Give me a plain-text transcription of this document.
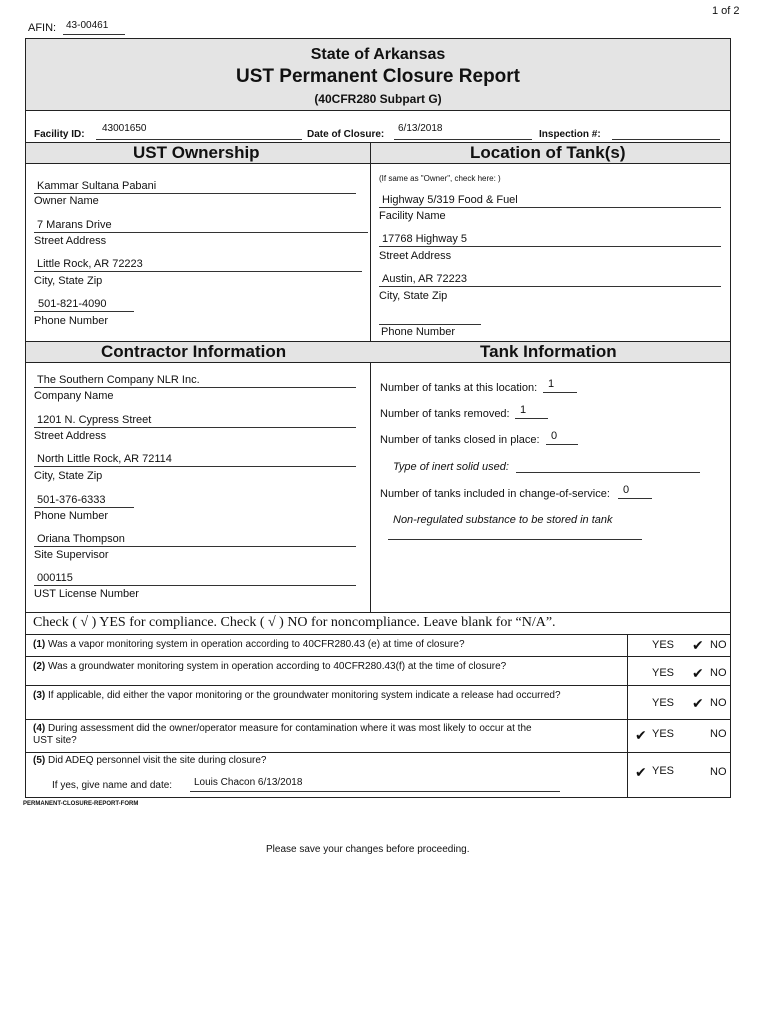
1 of 2
AFIN: 43-00461
State of Arkansas
UST Permanent Closure Report
(40CFR280 Subpart G)
Facility ID:
43001650
Date of Closure:
6/13/2018
Inspection #:
UST Ownership	Location of Tank(s)
Kammar Sultana Pabani
Owner Name
7 Marans Drive
Street Address
Little Rock, AR 72223
City, State Zip
501-821-4090
Phone Number
(If same as "Owner", check here: )
Highway 5/319 Food & Fuel
Facility Name
17768 Highway 5
Street Address
Austin, AR 72223
City, State Zip
Phone Number
Contractor Information	Tank Information
The Southern Company NLR Inc.
Company Name
1201 N. Cypress Street
Street Address
North Little Rock, AR 72114
City, State Zip
501-376-6333
Phone Number
Oriana Thompson
Site Supervisor
000115
UST License Number
Number of tanks at this location: 1
Number of tanks removed: 1
Number of tanks closed in place: 0
Type of inert solid used:
Number of tanks included in change-of-service: 0
Non-regulated substance to be stored in tank
Check ( √ ) YES for compliance. Check ( √ ) NO for noncompliance. Leave blank for “N/A”.
(1) Was a vapor monitoring system in operation according to 40CFR280.43 (e) at time of closure?	YES ✔ NO
(2) Was a groundwater monitoring system in operation according to 40CFR280.43(f) at the time of closure?
YES ✔ NO
(3) If applicable, did either the vapor monitoring or the groundwater monitoring system indicate a release had occurred?
YES ✔ NO
(4) During assessment did the owner/operator measure for contamination where it was most likely to occur at the UST site?	✔ YES	NO
(5) Did ADEQ personnel visit the site during closure?
If yes, give name and date: Louis Chacon 6/13/2018
✔ YES	NO
PERMANENT-CLOSURE-REPORT-FORM
Please save your changes before proceeding.
